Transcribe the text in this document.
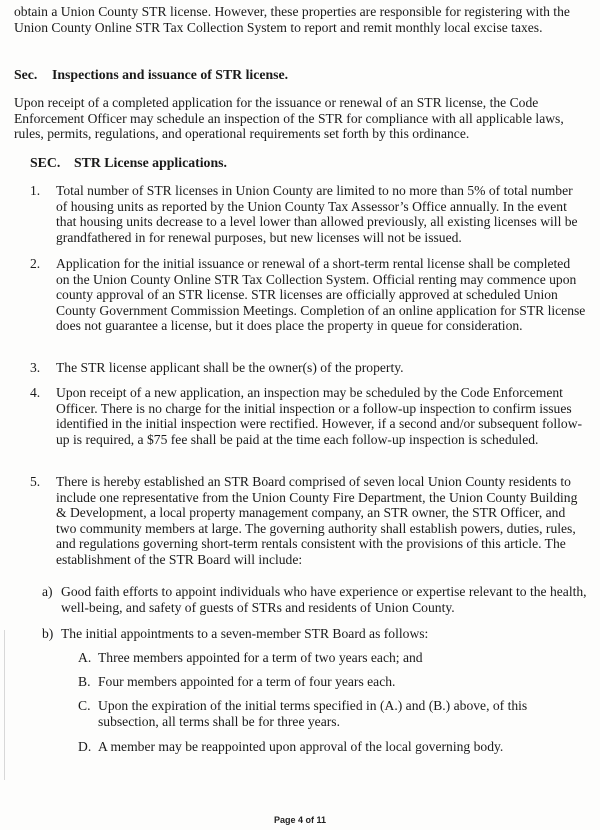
obtain a Union County STR license. However, these properties are responsible for registering with the Union County Online STR Tax Collection System to report and remit monthly local excise taxes.

Sec. Inspections and issuance of STR license.

Upon receipt of a completed application for the issuance or renewal of an STR license, the Code Enforcement Officer may schedule an inspection of the STR for compliance with all applicable laws, rules, permits, regulations, and operational requirements set forth by this ordinance.

SEC. STR License applications.

1.	Total number of STR licenses in Union County are limited to no more than 5% of total number of housing units as reported by the Union County Tax Assessor’s Office annually. In the event that housing units decrease to a level lower than allowed previously, all existing licenses will be grandfathered in for renewal purposes, but new licenses will not be issued.
2.	Application for the initial issuance or renewal of a short-term rental license shall be completed on the Union County Online STR Tax Collection System. Official renting may commence upon county approval of an STR license. STR licenses are officially approved at scheduled Union County Government Commission Meetings. Completion of an online application for STR license does not guarantee a license, but it does place the property in queue for consideration.
3.	The STR license applicant shall be the owner(s) of the property.
4.	Upon receipt of a new application, an inspection may be scheduled by the Code Enforcement Officer. There is no charge for the initial inspection or a follow-up inspection to confirm issues identified in the initial inspection were rectified. However, if a second and/or subsequent follow-up is required, a $75 fee shall be paid at the time each follow-up inspection is scheduled.
5.	There is hereby established an STR Board comprised of seven local Union County residents to include one representative from the Union County Fire Department, the Union County Building & Development, a local property management company, an STR owner, the STR Officer, and two community members at large. The governing authority shall establish powers, duties, rules, and regulations governing short-term rentals consistent with the provisions of this article. The establishment of the STR Board will include:
a) Good faith efforts to appoint individuals who have experience or expertise relevant to the health, well-being, and safety of guests of STRs and residents of Union County.
b) The initial appointments to a seven-member STR Board as follows:
A. Three members appointed for a term of two years each; and
B. Four members appointed for a term of four years each.
C. Upon the expiration of the initial terms specified in (A.) and (B.) above, of this subsection, all terms shall be for three years.
D. A member may be reappointed upon approval of the local governing body.
Page 4 of 11
